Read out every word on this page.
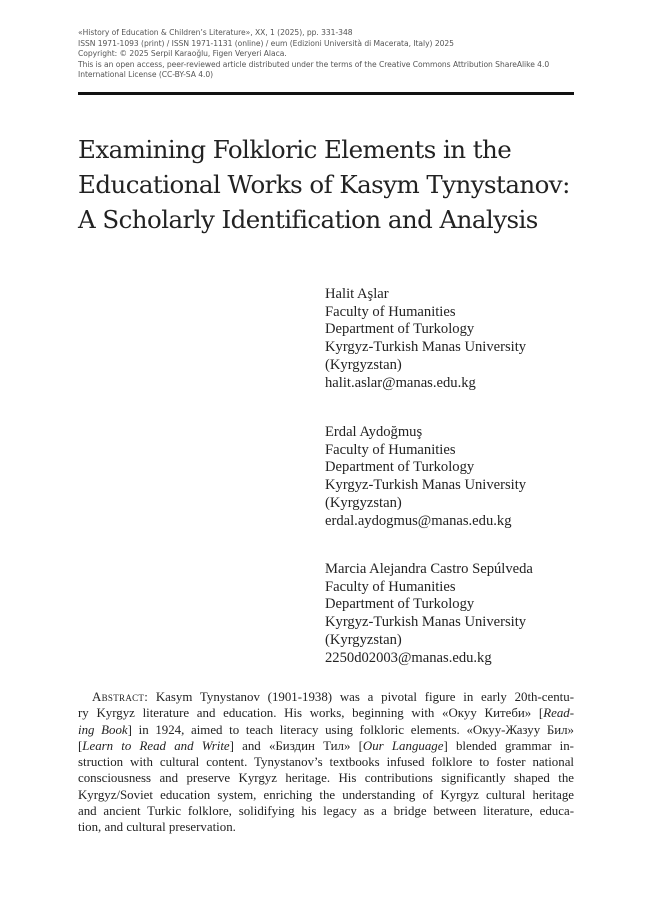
«History of Education & Children’s Literature», XX, 1 (2025), pp. 331-348
ISSN 1971-1093 (print) / ISSN 1971-1131 (online) / eum (Edizioni Università di Macerata, Italy) 2025
Copyright: © 2025 Serpil Karaoğlu, Figen Veryeri Alaca.
This is an open access, peer-reviewed article distributed under the terms of the Creative Commons Attribution ShareAlike 4.0
International License (CC-BY-SA 4.0)
Examining Folkloric Elements in the
Educational Works of Kasym Tynystanov:
A Scholarly Identification and Analysis
Halit Aşlar
Faculty of Humanities
Department of Turkology
Kyrgyz-Turkish Manas University
(Kyrgyzstan)
halit.aslar@manas.edu.kg
Erdal Aydoğmuş
Faculty of Humanities
Department of Turkology
Kyrgyz-Turkish Manas University
(Kyrgyzstan)
erdal.aydogmus@manas.edu.kg
Marcia Alejandra Castro Sepúlveda
Faculty of Humanities
Department of Turkology
Kyrgyz-Turkish Manas University
(Kyrgyzstan)
2250d02003@manas.edu.kg
Abstract: Kasym Tynystanov (1901-1938) was a pivotal figure in early 20th-centu-
ry Kyrgyz literature and education. His works, beginning with «Окуу Китеби» [Read-
ing Book] in 1924, aimed to teach literacy using folkloric elements. «Окуу-Жазуу Бил»
[Learn to Read and Write] and «Биздин Тил» [Our Language] blended grammar in-
struction with cultural content. Tynystanov’s textbooks infused folklore to foster national
consciousness and preserve Kyrgyz heritage. His contributions significantly shaped the
Kyrgyz/Soviet education system, enriching the understanding of Kyrgyz cultural heritage
and ancient Turkic folklore, solidifying his legacy as a bridge between literature, educa-
tion, and cultural preservation.
